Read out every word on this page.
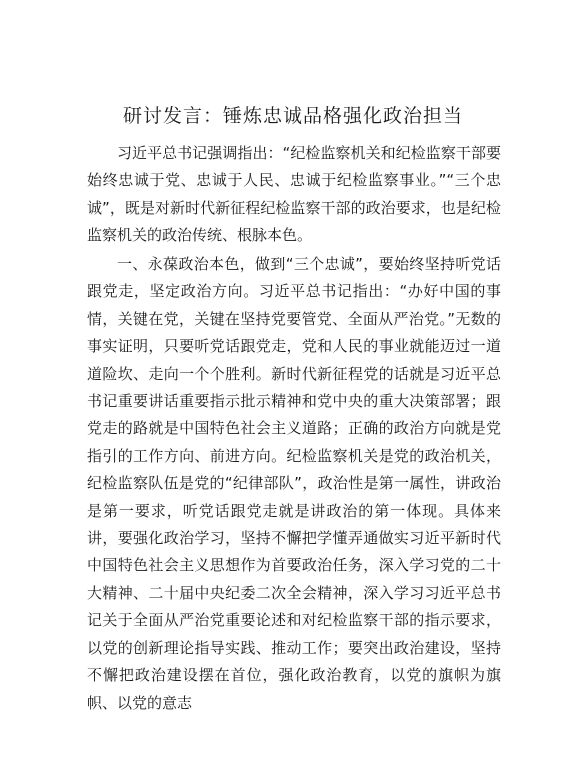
研讨发言：锤炼忠诚品格强化政治担当

习近平总书记强调指出：“纪检监察机关和纪检监察干部要始终忠诚于党、忠诚于人民、忠诚于纪检监察事业。”“三个忠诚”，既是对新时代新征程纪检监察干部的政治要求，也是纪检监察机关的政治传统、根脉本色。

一、永葆政治本色，做到“三个忠诚”，要始终坚持听党话跟党走，坚定政治方向。习近平总书记指出：“办好中国的事情，关键在党，关键在坚持党要管党、全面从严治党。”无数的事实证明，只要听党话跟党走，党和人民的事业就能迈过一道道险坎、走向一个个胜利。新时代新征程党的话就是习近平总书记重要讲话重要指示批示精神和党中央的重大决策部署；跟党走的路就是中国特色社会主义道路；正确的政治方向就是党指引的工作方向、前进方向。纪检监察机关是党的政治机关，纪检监察队伍是党的“纪律部队”，政治性是第一属性，讲政治是第一要求，听党话跟党走就是讲政治的第一体现。具体来讲，要强化政治学习，坚持不懈把学懂弄通做实习近平新时代中国特色社会主义思想作为首要政治任务，深入学习党的二十大精神、二十届中央纪委二次全会精神，深入学习习近平总书记关于全面从严治党重要论述和对纪检监察干部的指示要求，以党的创新理论指导实践、推动工作；要突出政治建设，坚持不懈把政治建设摆在首位，强化政治教育，以党的旗帜为旗帜、以党的意志
